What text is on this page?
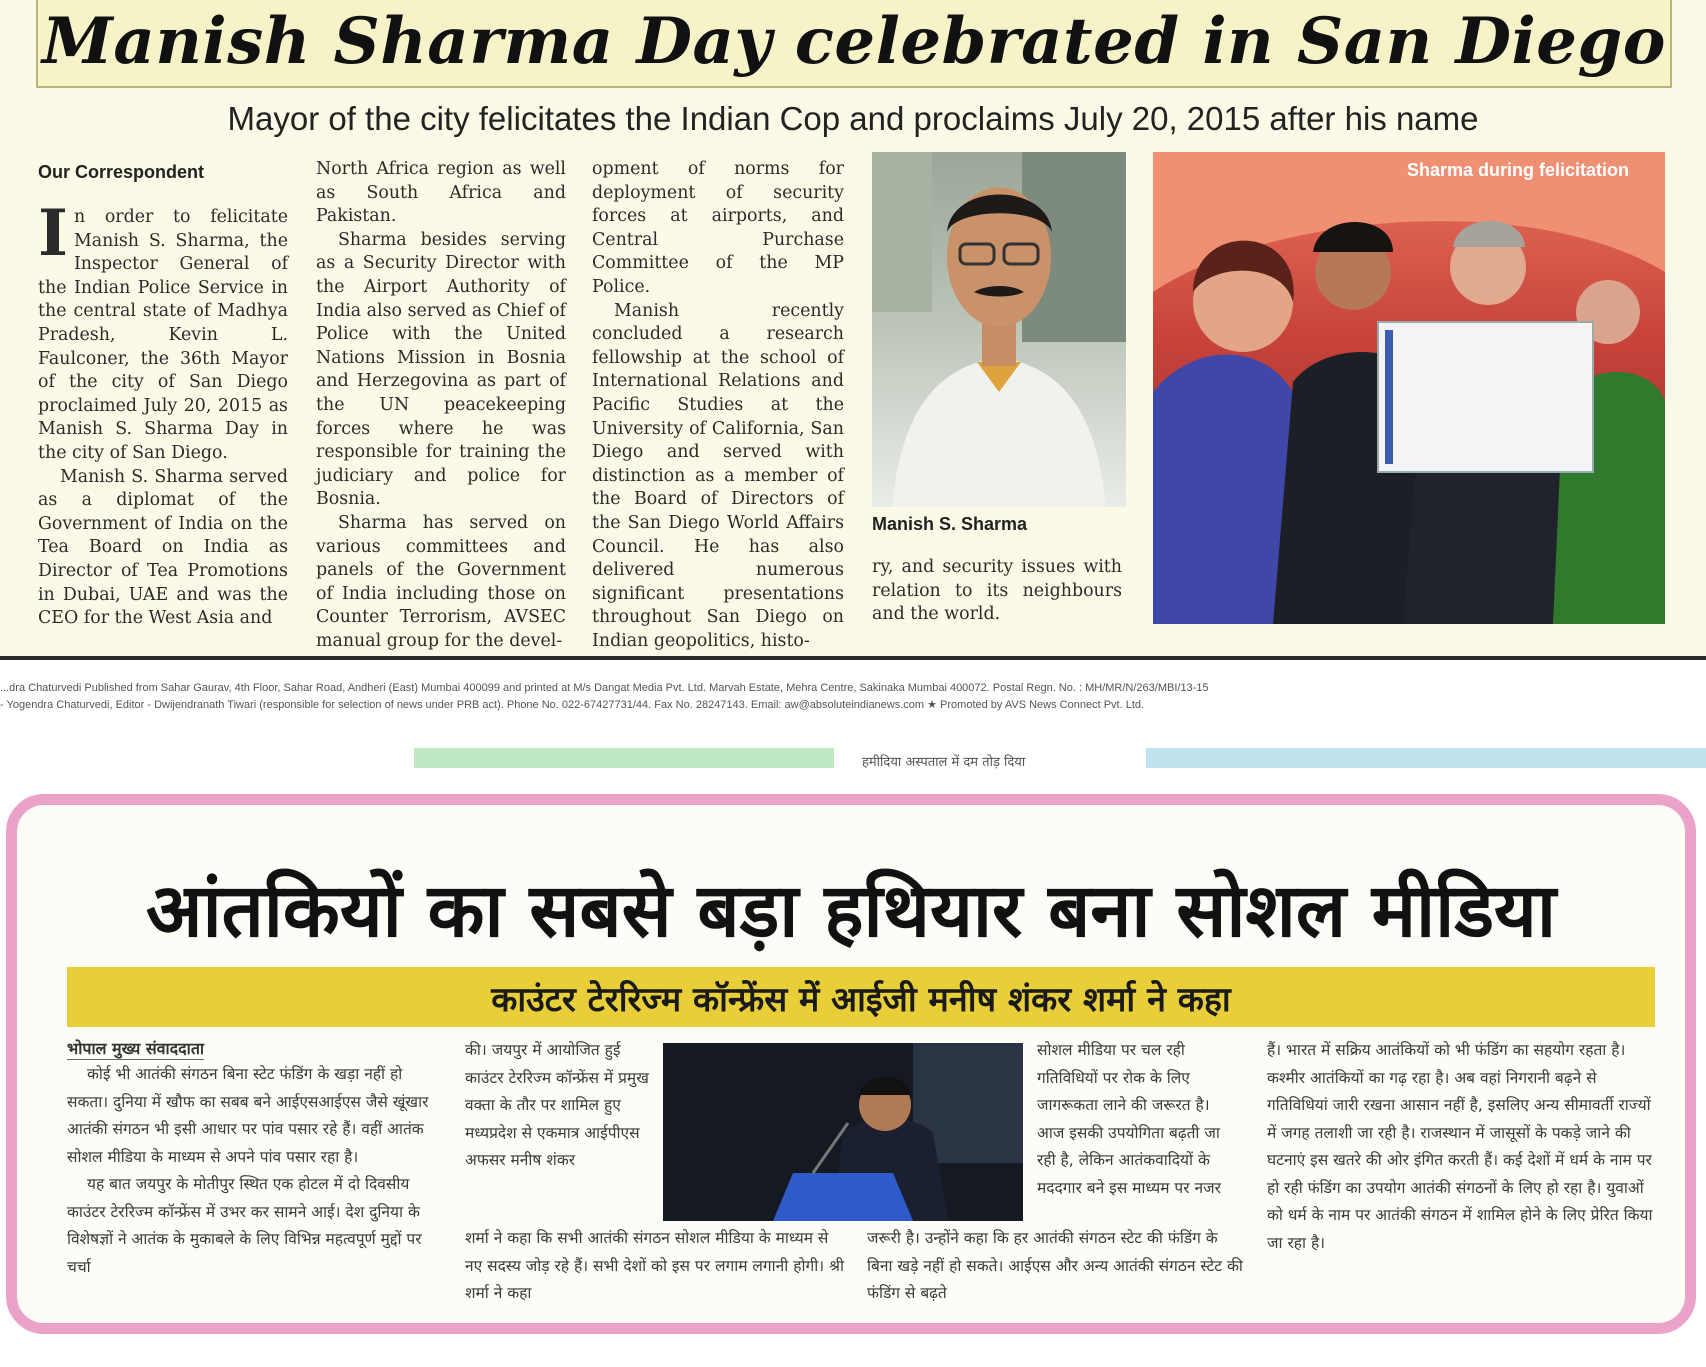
Manish Sharma Day celebrated in San Diego
Mayor of the city felicitates the Indian Cop and proclaims July 20, 2015 after his name
Our Correspondent

In order to felicitate Manish S. Sharma, the Inspector General of the Indian Police Service in the central state of Madhya Pradesh, Kevin L. Faulconer, the 36th Mayor of the city of San Diego proclaimed July 20, 2015 as Manish S. Sharma Day in the city of San Diego.

Manish S. Sharma served as a diplomat of the Government of India on the Tea Board on India as Director of Tea Promotions in Dubai, UAE and was the CEO for the West Asia and

North Africa region as well as South Africa and Pakistan.

Sharma besides serving as a Security Director with the Airport Authority of India also served as Chief of Police with the United Nations Mission in Bosnia and Herzegovina as part of the UN peacekeeping forces where he was responsible for training the judiciary and police for Bosnia.

Sharma has served on various committees and panels of the Government of India including those on Counter Terrorism, AVSEC manual group for the devel-

opment of norms for deployment of security forces at airports, and Central Purchase Committee of the MP Police.

Manish recently concluded a research fellowship at the school of International Relations and Pacific Studies at the University of California, San Diego and served with distinction as a member of the Board of Directors of the San Diego World Affairs Council. He has also delivered numerous significant presentations throughout San Diego on Indian geopolitics, histo-

Manish S. Sharma
ry, and security issues with relation to its neighbours and the world.
Sharma during felicitation
...dra Chaturvedi Published from Sahar Gaurav, 4th Floor, Sahar Road, Andheri (East) Mumbai 400099 and printed at M/s Dangat Media Pvt. Ltd. Marvah Estate, Mehra Centre, Sakinaka Mumbai 400072. Postal Regn. No. : MH/MR/N/263/MBI/13-15
- Yogendra Chaturvedi, Editor - Dwijendranath Tiwari (responsible for selection of news under PRB act). Phone No. 022-67427731/44. Fax No. 28247143. Email: aw@absoluteindianews.com ★ Promoted by AVS News Connect Pvt. Ltd.
हमीदिया अस्पताल में दम तोड़ दिया
आंतकियों का सबसे बड़ा हथियार बना सोशल मीडिया
काउंटर टेररिज्म कॉन्फ्रेंस में आईजी मनीष शंकर शर्मा ने कहा
भोपाल मुख्य संवाददाता

कोई भी आतंकी संगठन बिना स्टेट फंडिंग के खड़ा नहीं हो सकता। दुनिया में खौफ का सबब बने आईएसआईएस जैसे खूंखार आतंकी संगठन भी इसी आधार पर पांव पसार रहे हैं। वहीं आतंक सोशल मीडिया के माध्यम से अपने पांव पसार रहा है।

यह बात जयपुर के मोतीपुर स्थित एक होटल में दो दिवसीय काउंटर टेररिज्म कॉन्फ्रेंस में उभर कर सामने आई। देश दुनिया के विशेषज्ञों ने आतंक के मुकाबले के लिए विभिन्न महत्वपूर्ण मुद्दों पर चर्चा

की। जयपुर में आयोजित हुई काउंटर टेररिज्म कॉन्फ्रेंस में प्रमुख वक्ता के तौर पर शामिल हुए मध्यप्रदेश से एकमात्र आईपीएस अफसर मनीष शंकर

शर्मा ने कहा कि सभी आतंकी संगठन सोशल मीडिया के माध्यम से नए सदस्य जोड़ रहे हैं। सभी देशों को इस पर लगाम लगानी होगी। श्री शर्मा ने कहा

सोशल मीडिया पर चल रही गतिविधियों पर रोक के लिए जागरूकता लाने की जरूरत है। आज इसकी उपयोगिता बढ़ती जा रही है, लेकिन आतंकवादियों के मददगार बने इस माध्यम पर नजर

जरूरी है। उन्होंने कहा कि हर आतंकी संगठन स्टेट की फंडिंग के बिना खड़े नहीं हो सकते। आईएस और अन्य आतंकी संगठन स्टेट की फंडिंग से बढ़ते

हैं। भारत में सक्रिय आतंकियों को भी फंडिंग का सहयोग रहता है। कश्मीर आतंकियों का गढ़ रहा है। अब वहां निगरानी बढ़ने से गतिविधियां जारी रखना आसान नहीं है, इसलिए अन्य सीमावर्ती राज्यों में जगह तलाशी जा रही है। राजस्थान में जासूसों के पकड़े जाने की घटनाएं इस खतरे की ओर इंगित करती हैं। कई देशों में धर्म के नाम पर हो रही फंडिंग का उपयोग आतंकी संगठनों के लिए हो रहा है। युवाओं को धर्म के नाम पर आतंकी संगठन में शामिल होने के लिए प्रेरित किया जा रहा है।
